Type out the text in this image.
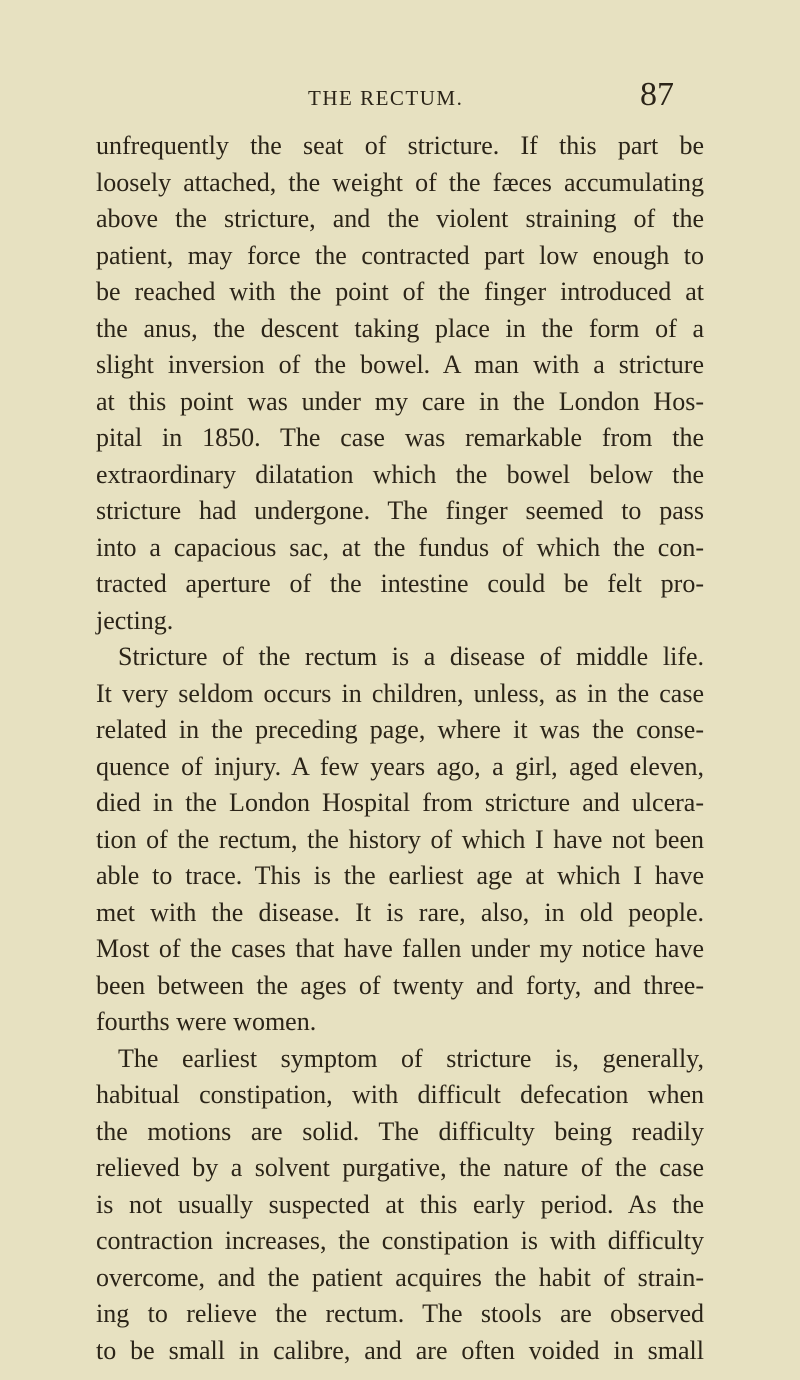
THE RECTUM.	87
unfrequently the seat of stricture. If this part be
loosely attached, the weight of the fæces accumulating
above the stricture, and the violent straining of the
patient, may force the contracted part low enough to
be reached with the point of the finger introduced at
the anus, the descent taking place in the form of a
slight inversion of the bowel. A man with a stricture
at this point was under my care in the London Hos-
pital in 1850. The case was remarkable from the
extraordinary dilatation which the bowel below the
stricture had undergone. The finger seemed to pass
into a capacious sac, at the fundus of which the con-
tracted aperture of the intestine could be felt pro-
jecting.
Stricture of the rectum is a disease of middle life.
It very seldom occurs in children, unless, as in the case
related in the preceding page, where it was the conse-
quence of injury. A few years ago, a girl, aged eleven,
died in the London Hospital from stricture and ulcera-
tion of the rectum, the history of which I have not been
able to trace. This is the earliest age at which I have
met with the disease. It is rare, also, in old people.
Most of the cases that have fallen under my notice have
been between the ages of twenty and forty, and three-
fourths were women.
The earliest symptom of stricture is, generally,
habitual constipation, with difficult defecation when
the motions are solid. The difficulty being readily
relieved by a solvent purgative, the nature of the case
is not usually suspected at this early period. As the
contraction increases, the constipation is with difficulty
overcome, and the patient acquires the habit of strain-
ing to relieve the rectum. The stools are observed
to be small in calibre, and are often voided in small
